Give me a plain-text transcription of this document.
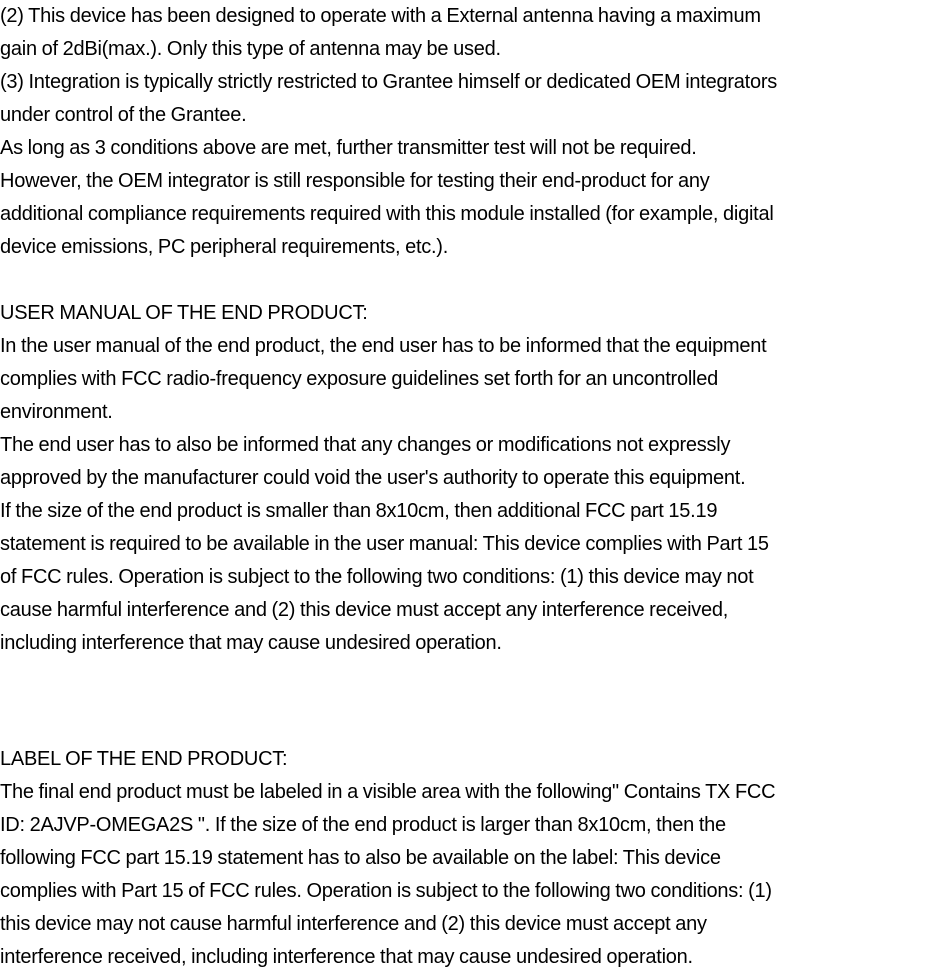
(2) This device has been designed to operate with a External antenna having a maximum
gain of 2dBi(max.). Only this type of antenna may be used.
(3) Integration is typically strictly restricted to Grantee himself or dedicated OEM integrators
under control of the Grantee.
As long as 3 conditions above are met, further transmitter test will not be required.
However, the OEM integrator is still responsible for testing their end-product for any
additional compliance requirements required with this module installed (for example, digital
device emissions, PC peripheral requirements, etc.).
USER MANUAL OF THE END PRODUCT:
In the user manual of the end product, the end user has to be informed that the equipment
complies with FCC radio-frequency exposure guidelines set forth for an uncontrolled
environment.
The end user has to also be informed that any changes or modifications not expressly
approved by the manufacturer could void the user's authority to operate this equipment.
If the size of the end product is smaller than 8x10cm, then additional FCC part 15.19
statement is required to be available in the user manual: This device complies with Part 15
of FCC rules. Operation is subject to the following two conditions: (1) this device may not
cause harmful interference and (2) this device must accept any interference received,
including interference that may cause undesired operation.
LABEL OF THE END PRODUCT:
The final end product must be labeled in a visible area with the following" Contains TX FCC
ID: 2AJVP-OMEGA2S ". If the size of the end product is larger than 8x10cm, then the
following FCC part 15.19 statement has to also be available on the label: This device
complies with Part 15 of FCC rules. Operation is subject to the following two conditions: (1)
this device may not cause harmful interference and (2) this device must accept any
interference received, including interference that may cause undesired operation.
